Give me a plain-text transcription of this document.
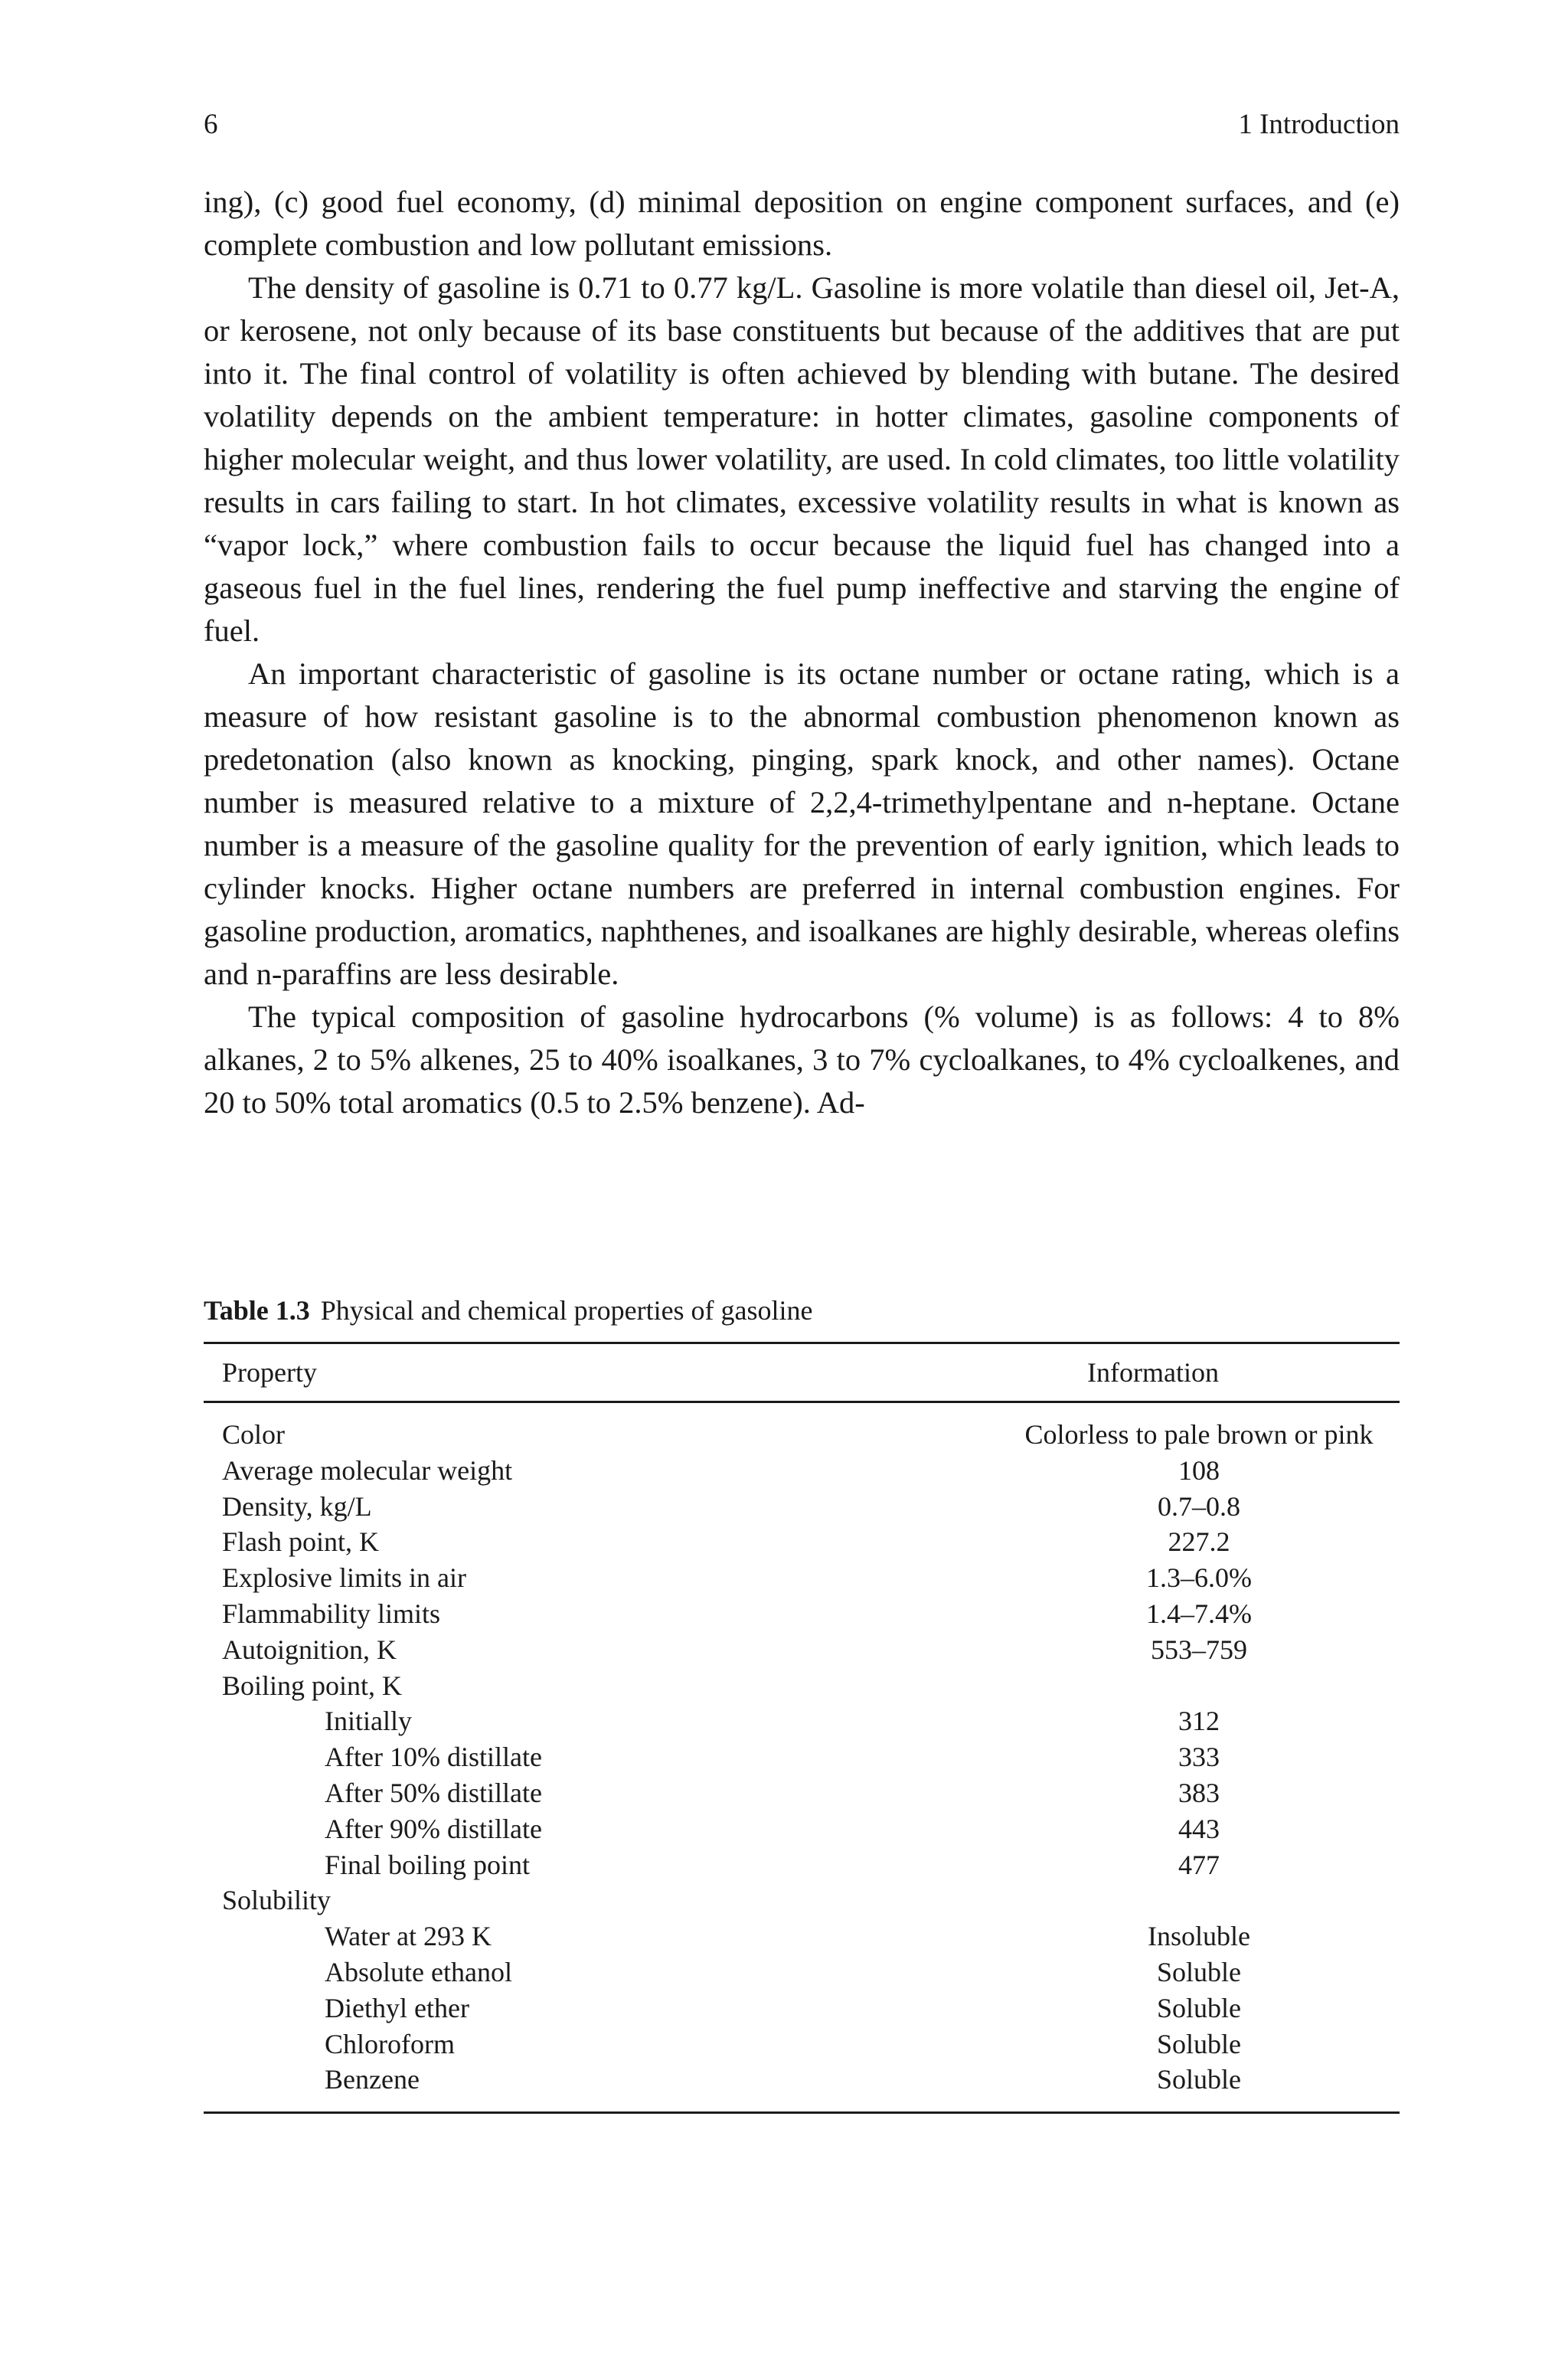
6	1 Introduction

ing), (c) good fuel economy, (d) minimal deposition on engine component surfaces, and (e) complete combustion and low pollutant emissions.

The density of gasoline is 0.71 to 0.77 kg/L. Gasoline is more volatile than diesel oil, Jet-A, or kerosene, not only because of its base constituents but because of the additives that are put into it. The final control of volatility is often achieved by blending with butane. The desired volatility depends on the ambient temperature: in hotter climates, gasoline components of higher molecular weight, and thus lower volatility, are used. In cold climates, too little volatility results in cars failing to start. In hot climates, excessive volatility results in what is known as “vapor lock,” where combustion fails to occur because the liquid fuel has changed into a gaseous fuel in the fuel lines, rendering the fuel pump ineffective and starving the engine of fuel.

An important characteristic of gasoline is its octane number or octane rating, which is a measure of how resistant gasoline is to the abnormal combustion phenomenon known as predetonation (also known as knocking, pinging, spark knock, and other names). Octane number is measured relative to a mixture of 2,2,4-trimethylpentane and n-heptane. Octane number is a measure of the gasoline quality for the prevention of early ignition, which leads to cylinder knocks. Higher octane numbers are preferred in internal combustion engines. For gasoline production, aromatics, naphthenes, and isoalkanes are highly desirable, whereas olefins and n-paraffins are less desirable.

The typical composition of gasoline hydrocarbons (% volume) is as follows: 4 to 8% alkanes, 2 to 5% alkenes, 25 to 40% isoalkanes, 3 to 7% cycloalkanes, to 4% cycloalkenes, and 20 to 50% total aromatics (0.5 to 2.5% benzene). Ad-

Table 1.3 Physical and chemical properties of gasoline
Property	Information
Color	Colorless to pale brown or pink
Average molecular weight	108
Density, kg/L	0.7–0.8
Flash point, K	227.2
Explosive limits in air	1.3–6.0%
Flammability limits	1.4–7.4%
Autoignition, K	553–759
Boiling point, K	
Initially	312
After 10% distillate	333
After 50% distillate	383
After 90% distillate	443
Final boiling point	477
Solubility	
Water at 293 K	Insoluble
Absolute ethanol	Soluble
Diethyl ether	Soluble
Chloroform	Soluble
Benzene	Soluble
